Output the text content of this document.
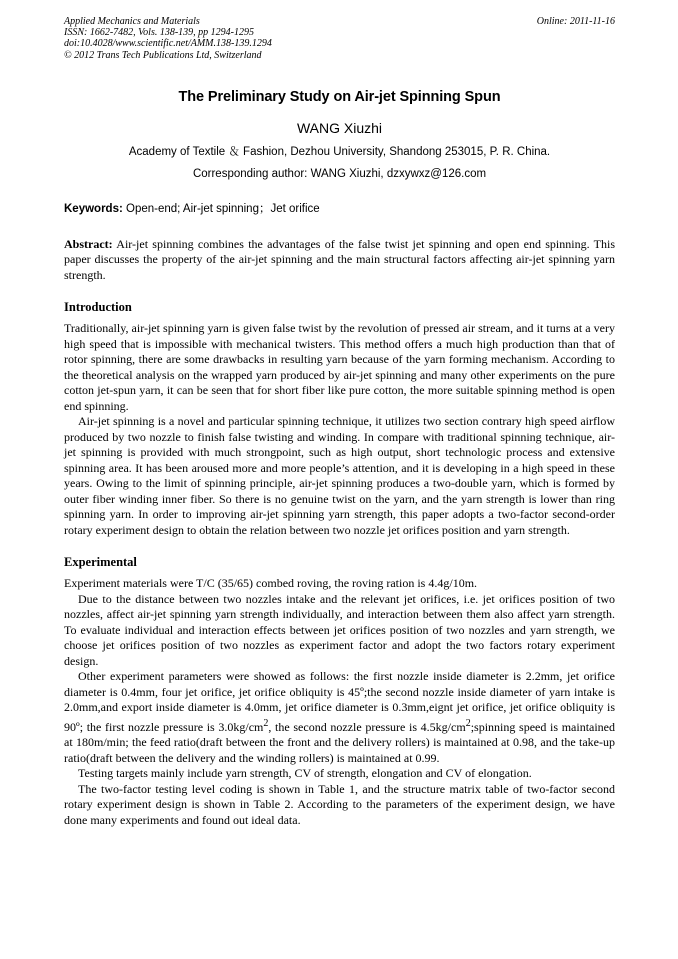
Applied Mechanics and Materials
ISSN: 1662-7482, Vols. 138-139, pp 1294-1295
doi:10.4028/www.scientific.net/AMM.138-139.1294
© 2012 Trans Tech Publications Ltd, Switzerland
Online: 2011-11-16
The Preliminary Study on Air-jet Spinning Spun
WANG Xiuzhi
Academy of Textile ＆ Fashion, Dezhou University, Shandong 253015, P. R. China.
Corresponding author: WANG Xiuzhi, dzxywxz@126.com
Keywords: Open-end; Air-jet spinning；Jet orifice
Abstract: Air-jet spinning combines the advantages of the false twist jet spinning and open end spinning. This paper discusses the property of the air-jet spinning and the main structural factors affecting air-jet spinning yarn strength.
Introduction

Traditionally, air-jet spinning yarn is given false twist by the revolution of pressed air stream, and it turns at a very high speed that is impossible with mechanical twisters. This method offers a much high production than that of rotor spinning, there are some drawbacks in resulting yarn because of the yarn forming mechanism. According to the theoretical analysis on the wrapped yarn produced by air-jet spinning and many other experiments on the pure cotton jet-spun yarn, it can be seen that for short fiber like pure cotton, the more suitable spinning method is open end spinning.

Air-jet spinning is a novel and particular spinning technique, it utilizes two section contrary high speed airflow produced by two nozzle to finish false twisting and winding. In compare with traditional spinning technique, air-jet spinning is provided with much strongpoint, such as high output, short technologic process and extensive spinning area. It has been aroused more and more people’s attention, and it is developing in a high speed in these years. Owing to the limit of spinning principle, air-jet spinning produces a two-double yarn, which is formed by outer fiber winding inner fiber. So there is no genuine twist on the yarn, and the yarn strength is lower than ring spinning yarn. In order to improving air-jet spinning yarn strength, this paper adopts a two-factor second-order rotary experiment design to obtain the relation between two nozzle jet orifices position and yarn strength.

Experimental

Experiment materials were T/C (35/65) combed roving, the roving ration is 4.4g/10m.

Due to the distance between two nozzles intake and the relevant jet orifices, i.e. jet orifices position of two nozzles, affect air-jet spinning yarn strength individually, and interaction between them also affect yarn strength. To evaluate individual and interaction effects between jet orifices position of two nozzles and yarn strength, we choose jet orifices position of two nozzles as experiment factor and adopt the two factors rotary experiment design.

Other experiment parameters were showed as follows: the first nozzle inside diameter is 2.2mm, jet orifice diameter is 0.4mm, four jet orifice, jet orifice obliquity is 45º;the second nozzle inside diameter of yarn intake is 2.0mm,and export inside diameter is 4.0mm, jet orifice diameter is 0.3mm,eignt jet orifice, jet orifice obliquity is 90º; the first nozzle pressure is $3.0kg/cm^2$, the second nozzle pressure is $4.5kg/cm^2;spinning$ speed is maintained at 180m/min; the feed ratio(draft between the front and the delivery rollers) is maintained at 0.98, and the take-up ratio(draft between the delivery and the winding rollers) is maintained at 0.99.

Testing targets mainly include yarn strength, CV of strength, elongation and CV of elongation.

The two-factor testing level coding is shown in Table 1, and the structure matrix table of two-factor second rotary experiment design is shown in Table 2. According to the parameters of the experiment design, we have done many experiments and found out ideal data.
